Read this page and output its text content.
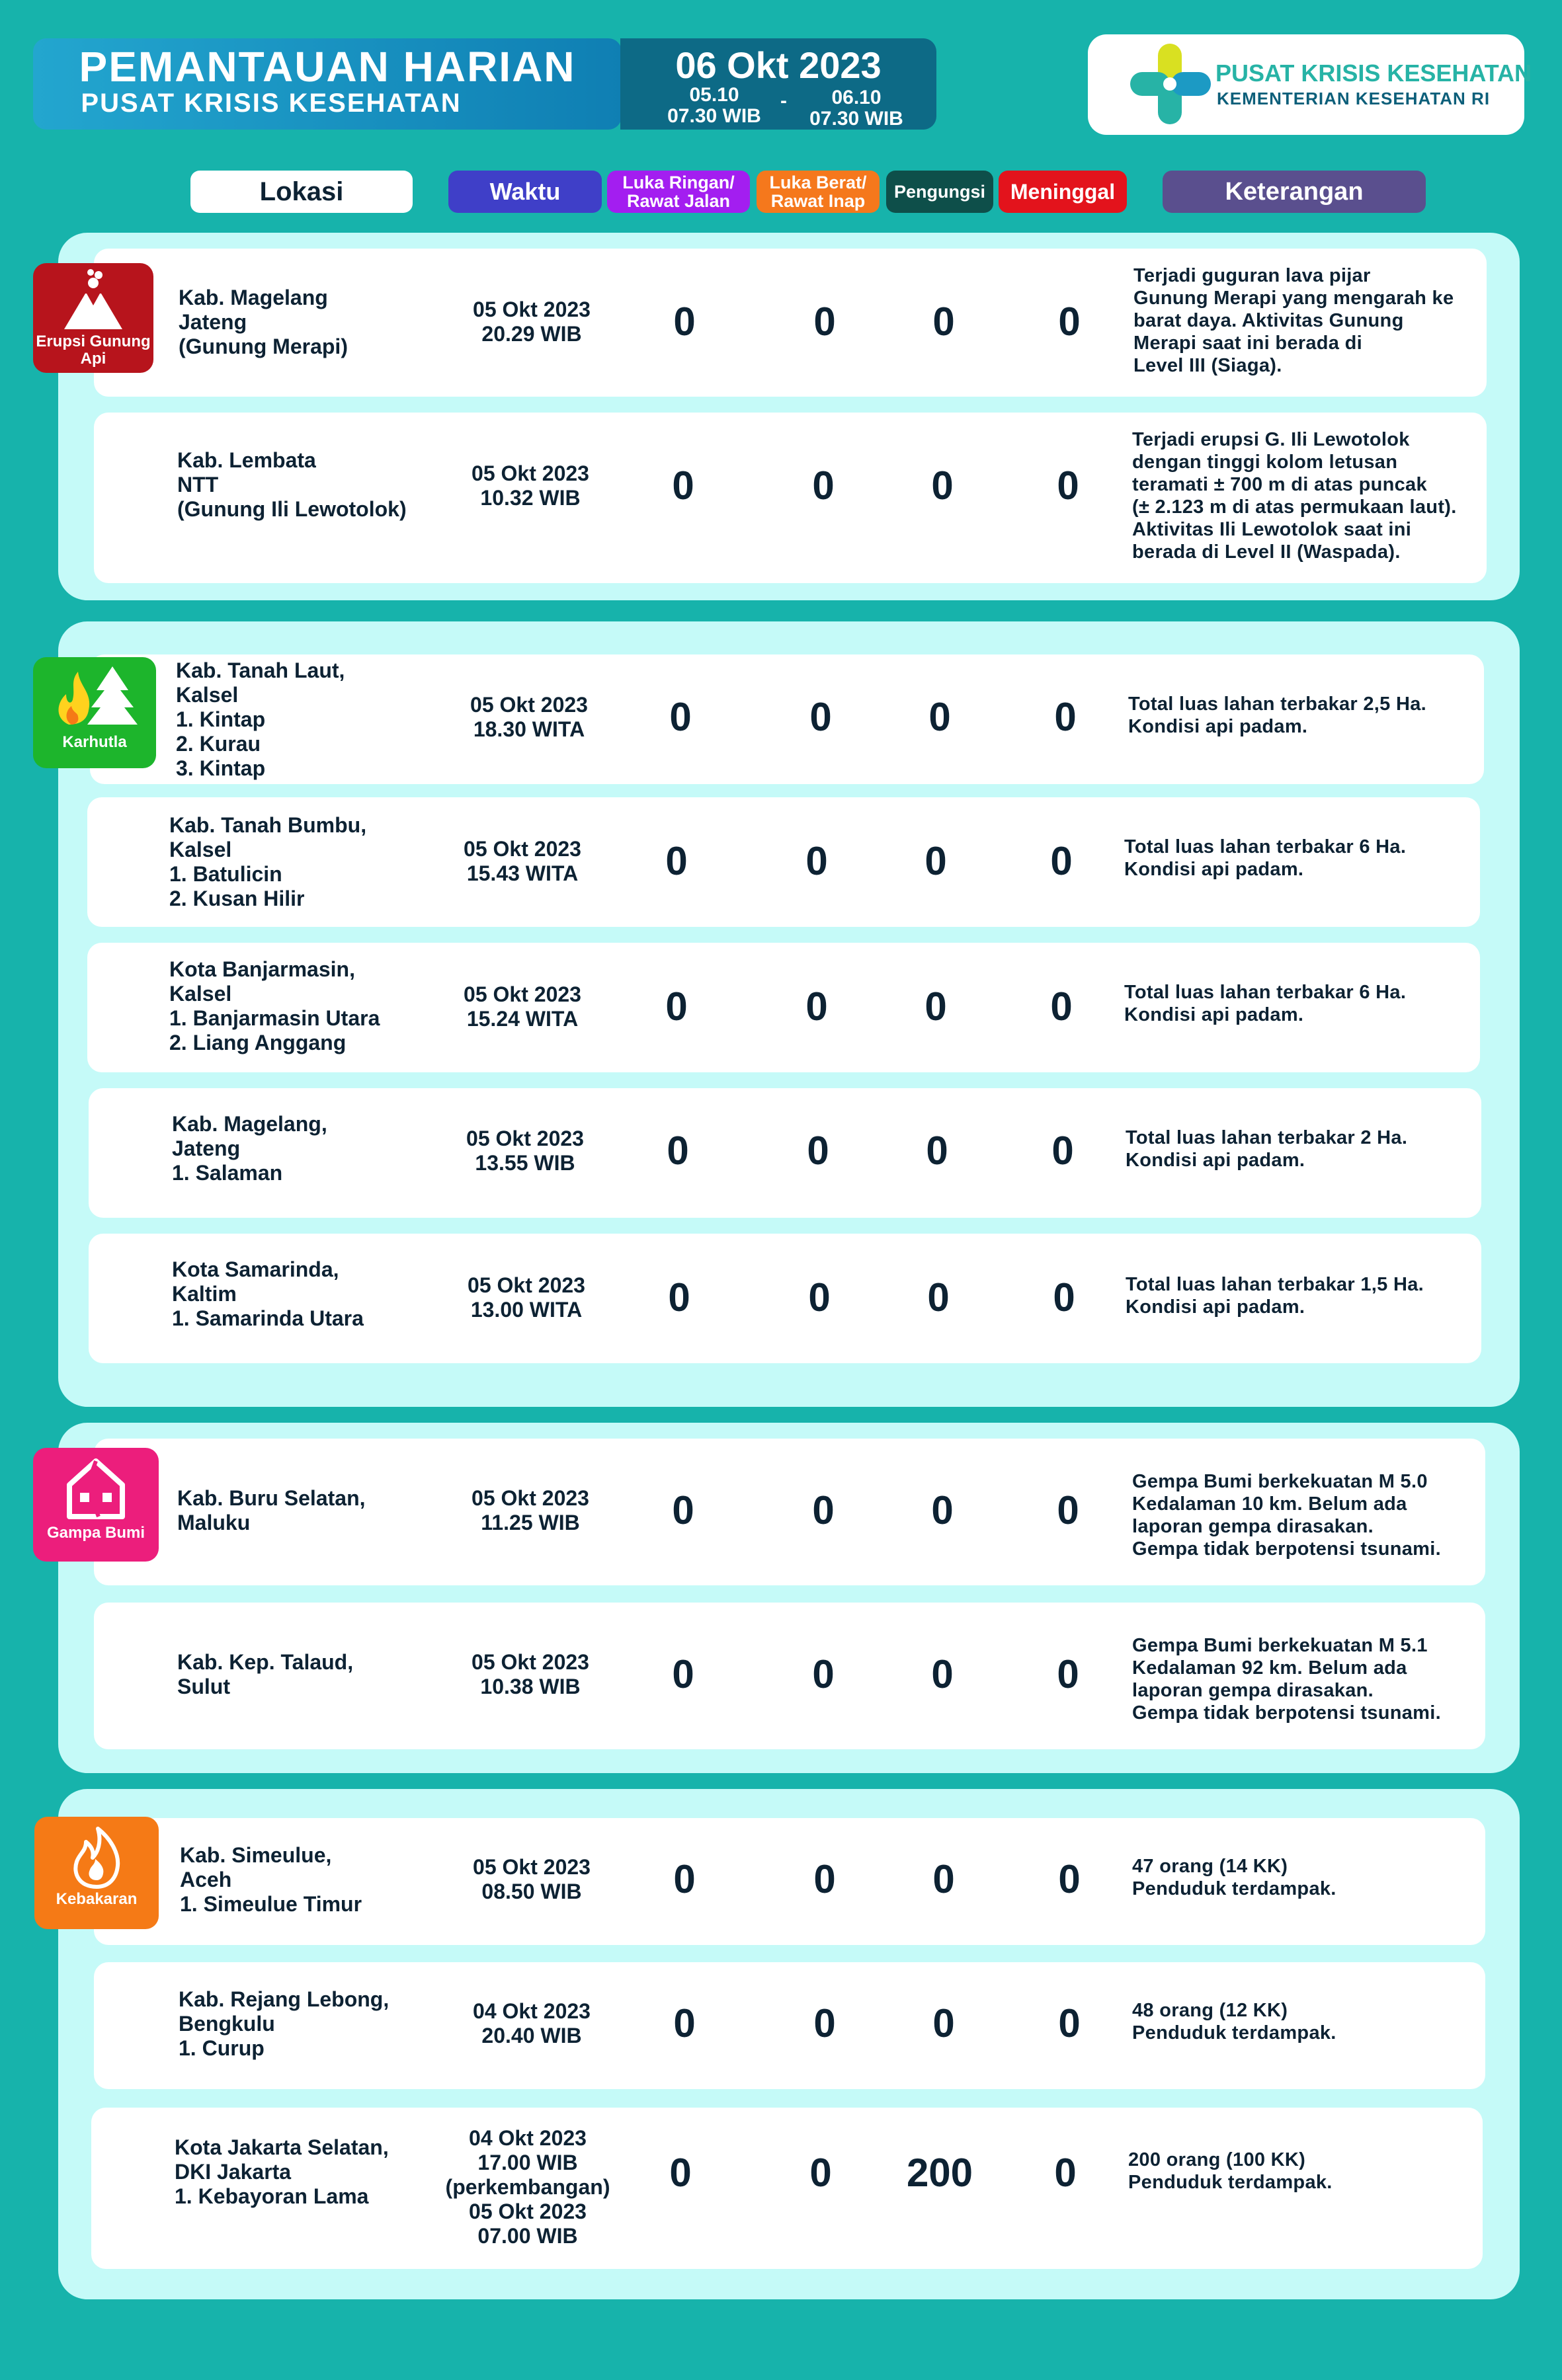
PEMANTAUAN HARIAN
PUSAT KRISIS KESEHATAN
06 Okt 2023
05.10
07.30 WIB
-	06.10
07.30 WIB
PUSAT KRISIS KESEHATAN
KEMENTERIAN KESEHATAN RI
Lokasi	Waktu	Luka Ringan/
Rawat Jalan
Luka Berat/
Rawat Inap	Pengungsi	Meninggal	Keterangan
Erupsi Gunung Api
Kab. Magelang
Jateng
(Gunung Merapi)
05 Okt 2023
20.29 WIB	0	0	0	0
Terjadi guguran lava pijar
Gunung Merapi yang mengarah ke
barat daya. Aktivitas Gunung
Merapi saat ini berada di
Level III (Siaga).
Kab. Lembata
NTT
(Gunung Ili Lewotolok)
05 Okt 2023
10.32 WIB	0	0	0	0
Terjadi erupsi G. Ili Lewotolok
dengan tinggi kolom letusan
teramati ± 700 m di atas puncak
(± 2.123 m di atas permukaan laut).
Aktivitas Ili Lewotolok saat ini
berada di Level II (Waspada).
Karhutla
Kab. Tanah Laut,
Kalsel
1. Kintap
2. Kurau
3. Kintap
05 Okt 2023
18.30 WITA	0	0	0	0	Total luas lahan terbakar 2,5 Ha.
Kondisi api padam.
Kab. Tanah Bumbu,
Kalsel
1. Batulicin
2. Kusan Hilir
05 Okt 2023
15.43 WITA	0	0	0	0	Total luas lahan terbakar 6 Ha.
Kondisi api padam.
Kota Banjarmasin,
Kalsel
1. Banjarmasin Utara
2. Liang Anggang
05 Okt 2023
15.24 WITA	0	0	0	0	Total luas lahan terbakar 6 Ha.
Kondisi api padam.
Kab. Magelang,
Jateng
1. Salaman
05 Okt 2023
13.55 WIB	0	0	0	0	Total luas lahan terbakar 2 Ha.
Kondisi api padam.
Kota Samarinda,
Kaltim
1. Samarinda Utara
05 Okt 2023
13.00 WITA	0	0	0	0	Total luas lahan terbakar 1,5 Ha.
Kondisi api padam.
Gampa Bumi
Kab. Buru Selatan,
Maluku
05 Okt 2023
11.25 WIB	0	0	0	0
Gempa Bumi berkekuatan M 5.0
Kedalaman 10 km. Belum ada
laporan gempa dirasakan.
Gempa tidak berpotensi tsunami.
Kab. Kep. Talaud,
Sulut
05 Okt 2023
10.38 WIB	0	0	0	0
Gempa Bumi berkekuatan M 5.1
Kedalaman 92 km. Belum ada
laporan gempa dirasakan.
Gempa tidak berpotensi tsunami.
Kebakaran
Kab. Simeulue,
Aceh
1. Simeulue Timur
05 Okt 2023
08.50 WIB	0	0	0	0	47 orang (14 KK)
Penduduk terdampak.
Kab. Rejang Lebong,
Bengkulu
1. Curup
04 Okt 2023
20.40 WIB	0	0	0	0	48 orang (12 KK)
Penduduk terdampak.
Kota Jakarta Selatan,
DKI Jakarta
1. Kebayoran Lama
04 Okt 2023
17.00 WIB
(perkembangan)
05 Okt 2023
07.00 WIB
0	0	200	0	200 orang (100 KK)
Penduduk terdampak.
